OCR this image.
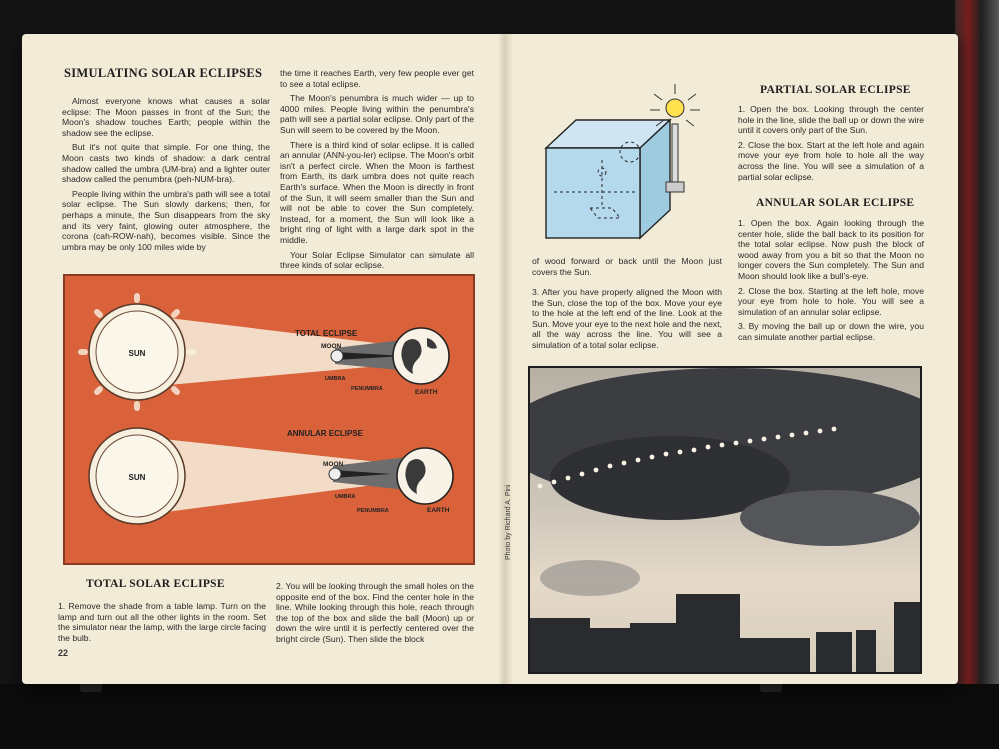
SIMULATING SOLAR ECLIPSES

Almost everyone knows what causes a solar eclipse: The Moon passes in front of the Sun; the Moon's shadow touches Earth; people within the shadow see the eclipse.

But it's not quite that simple. For one thing, the Moon casts two kinds of shadow: a dark central shadow called the umbra (UM-bra) and a lighter outer shadow called the penumbra (peh-NUM-bra).

People living within the umbra's path will see a total solar eclipse. The Sun slowly darkens; then, for perhaps a minute, the Sun disappears from the sky and its very faint, glowing outer atmosphere, the corona (cah-ROW-nah), becomes visible. Since the umbra may be only 100 miles wide by

the time it reaches Earth, very few people ever get to see a total eclipse.

The Moon's penumbra is much wider — up to 4000 miles. People living within the penumbra's path will see a partial solar eclipse. Only part of the Sun will seem to be covered by the Moon.

There is a third kind of solar eclipse. It is called an annular (ANN-you-ler) eclipse. The Moon's orbit isn't a perfect circle. When the Moon is farthest from Earth, its dark umbra does not quite reach Earth's surface. When the Moon is directly in front of the Sun, it will seem smaller than the Sun and will not be able to cover the Sun completely. Instead, for a moment, the Sun will look like a bright ring of light with a large dark spot in the middle.

Your Solar Eclipse Simulator can simulate all three kinds of solar eclipse.

SUN
TOTAL ECLIPSE
MOON
UMBRA
PENUMBRA	EARTH
SUN
ANNULAR ECLIPSE
MOON
UMBRA
PENUMBRA	EARTH
TOTAL SOLAR ECLIPSE

1. Remove the shade from a table lamp. Turn on the lamp and turn out all the other lights in the room. Set the simulator near the lamp, with the large circle facing the bulb.

2. You will be looking through the small holes on the opposite end of the box. Find the center hole in the line. While looking through this hole, reach through the top of the box and slide the ball (Moon) up or down the wire until it is perfectly centered over the bright circle (Sun). Then slide the block

22

of wood forward or back until the Moon just covers the Sun.

3. After you have properly aligned the Moon with the Sun, close the top of the box. Move your eye to the hole at the left end of the line. Look at the Sun. Move your eye to the next hole and the next, all the way across the line. You will see a simulation of a total solar eclipse.

PARTIAL SOLAR ECLIPSE

1. Open the box. Looking through the center hole in the line, slide the ball up or down the wire until it covers only part of the Sun.

2. Close the box. Start at the left hole and again move your eye from hole to hole all the way across the line. You will see a simulation of a partial solar eclipse.

ANNULAR SOLAR ECLIPSE

1. Open the box. Again looking through the center hole, slide the ball back to its position for the total solar eclipse. Now push the block of wood away from you a bit so that the Moon no longer covers the Sun completely. The Sun and Moon should look like a bull's-eye.

2. Close the box. Starting at the left hole, move your eye from hole to hole. You will see a simulation of an annular solar eclipse.

3. By moving the ball up or down the wire, you can simulate another partial eclipse.

Photo by Richard A. Pini
